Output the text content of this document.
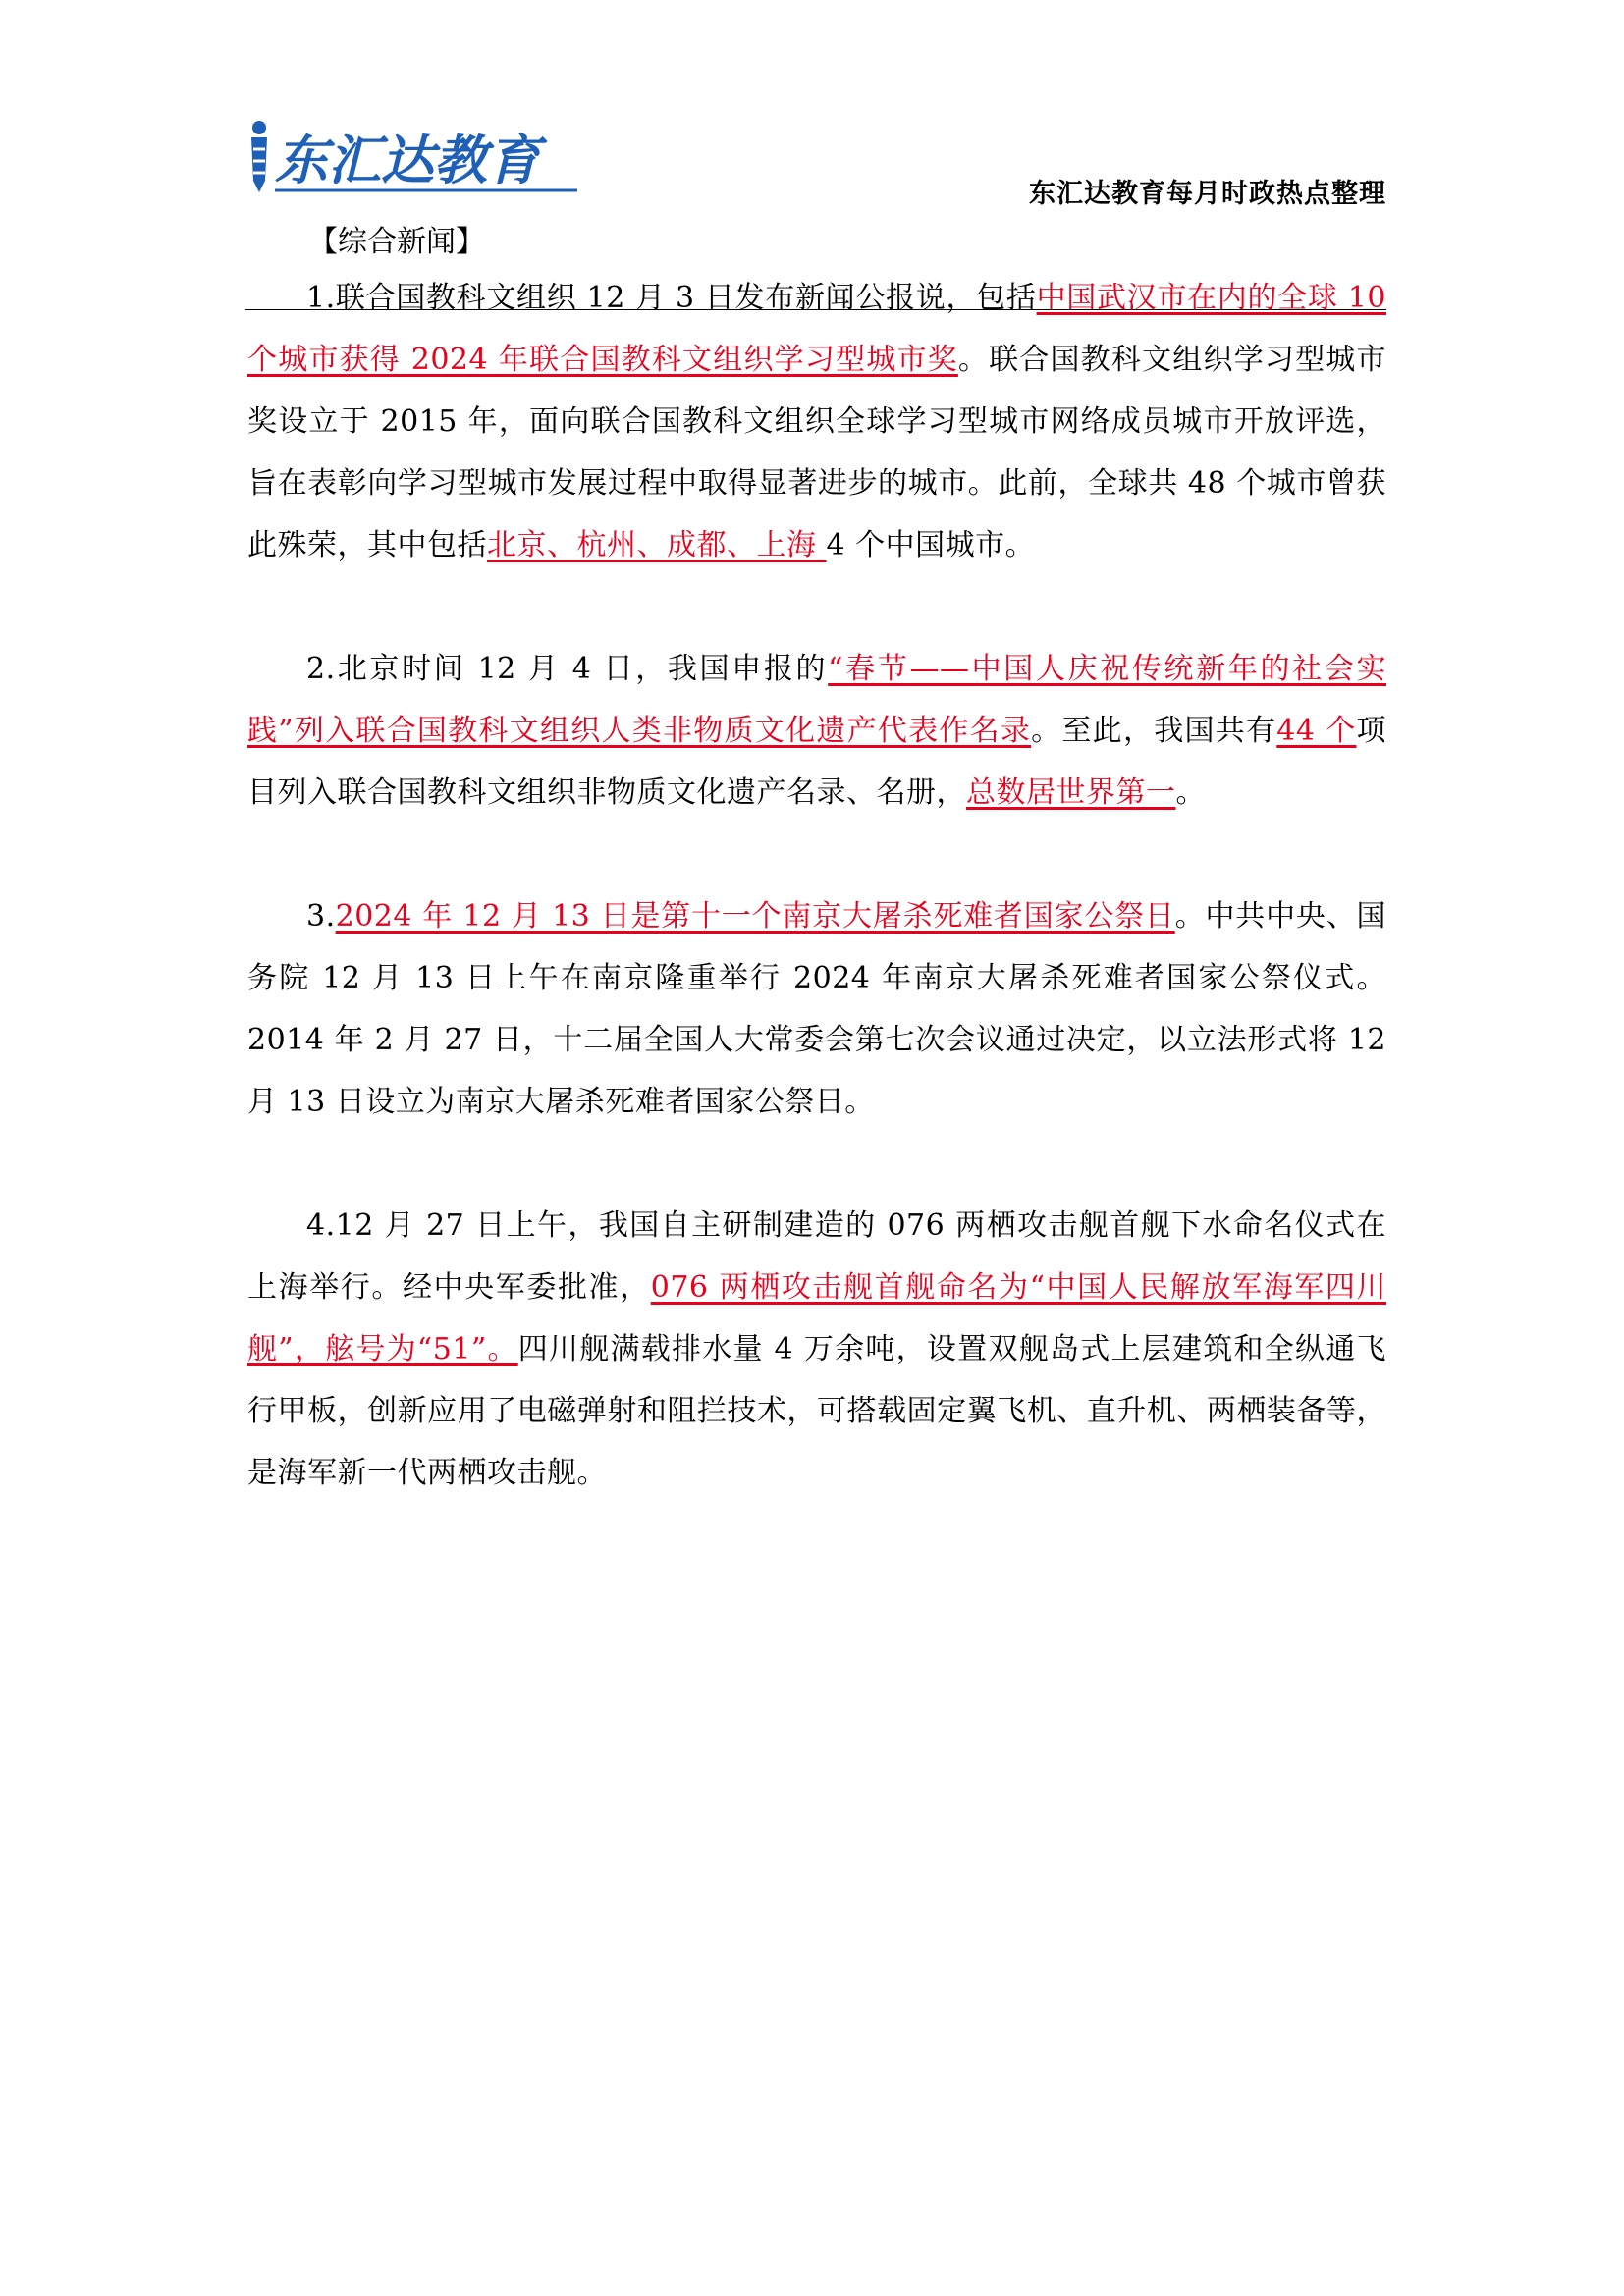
东汇达教育
东汇达教育每月时政热点整理
【综合新闻】

1.联合国教科文组织 12 月 3 日发布新闻公报说，包括中国武汉市在内的全球 10 个城市获得 2024 年联合国教科文组织学习型城市奖。联合国教科文组织学习型城市奖设立于 2015 年，面向联合国教科文组织全球学习型城市网络成员城市开放评选，旨在表彰向学习型城市发展过程中取得显著进步的城市。此前，全球共 48 个城市曾获此殊荣，其中包括北京、杭州、成都、上海 4 个中国城市。

2.北京时间 12 月 4 日，我国申报的“春节——中国人庆祝传统新年的社会实践”列入联合国教科文组织人类非物质文化遗产代表作名录。至此，我国共有44 个项目列入联合国教科文组织非物质文化遗产名录、名册，总数居世界第一。

3.2024 年 12 月 13 日是第十一个南京大屠杀死难者国家公祭日。中共中央、国务院 12 月 13 日上午在南京隆重举行 2024 年南京大屠杀死难者国家公祭仪式。2014 年 2 月 27 日，十二届全国人大常委会第七次会议通过决定，以立法形式将 12 月 13 日设立为南京大屠杀死难者国家公祭日。

4.12 月 27 日上午，我国自主研制建造的 076 两栖攻击舰首舰下水命名仪式在上海举行。经中央军委批准，076 两栖攻击舰首舰命名为“中国人民解放军海军四川舰”，舷号为“51”。四川舰满载排水量 4 万余吨，设置双舰岛式上层建筑和全纵通飞行甲板，创新应用了电磁弹射和阻拦技术，可搭载固定翼飞机、直升机、两栖装备等，是海军新一代两栖攻击舰。
